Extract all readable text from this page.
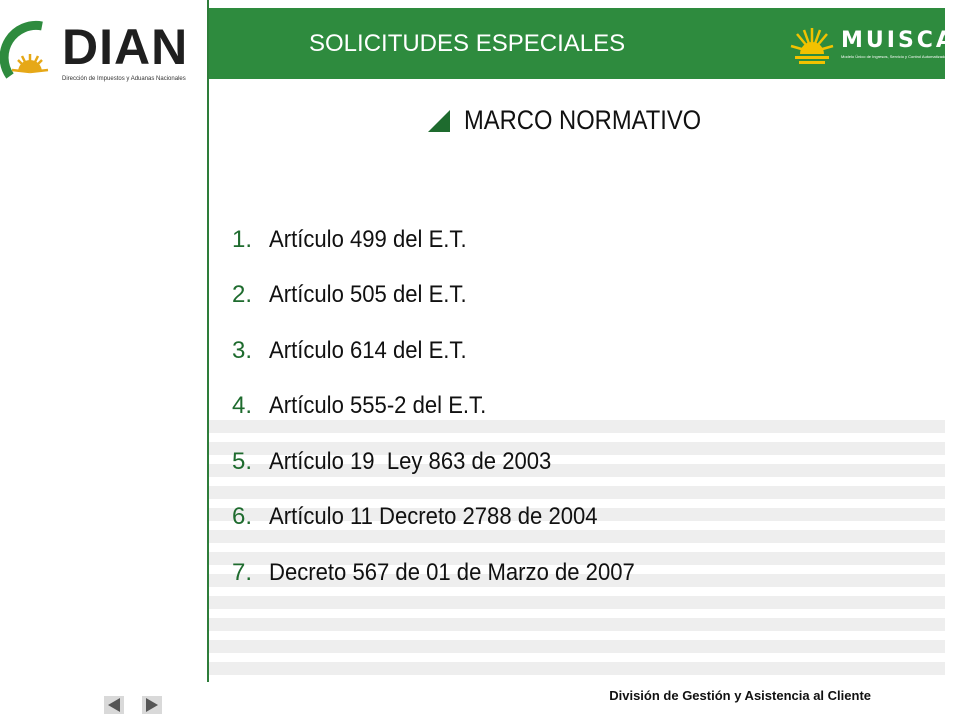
DIAN
Dirección de Impuestos y Aduanas Nacionales
SOLICITUDES ESPECIALES	MUISCA
Modelo Único de Ingresos, Servicio y Control Automatizado
MARCO NORMATIVO
1. Artículo 499 del E.T.
2. Artículo 505 del E.T.
3. Artículo 614 del E.T.
4. Artículo 555-2 del E.T.
5. Artículo 19  Ley 863 de 2003
6. Artículo 11 Decreto 2788 de 2004
7. Decreto 567 de 01 de Marzo de 2007
División de Gestión y Asistencia al Cliente
